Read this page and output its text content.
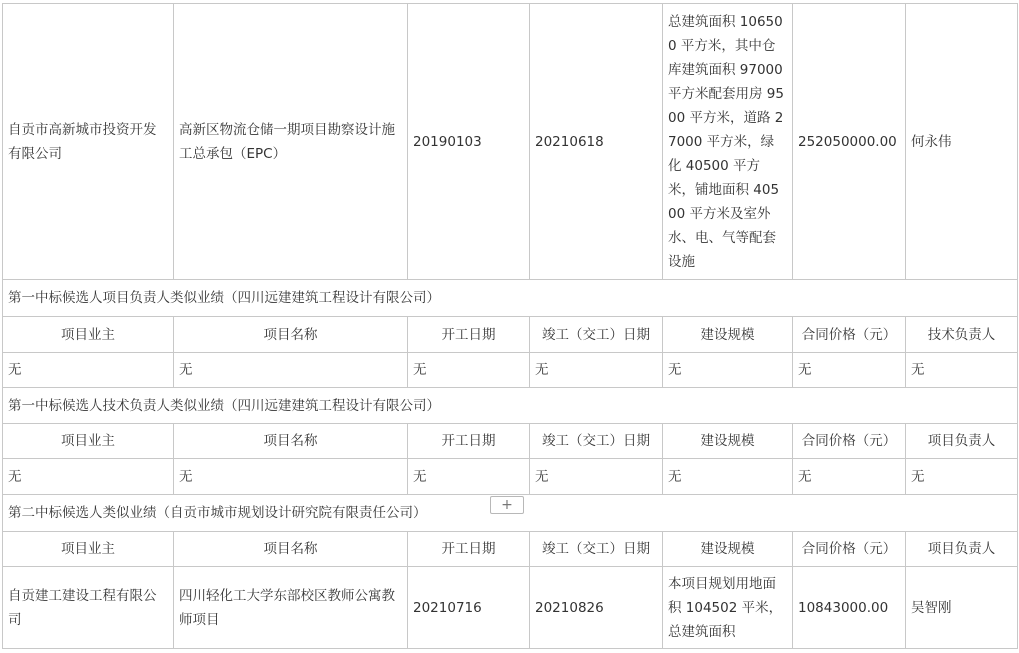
自贡市高新城市投资开发有限公司	高新区物流仓储一期项目勘察设计施工总承包（EPC）	20190103	20210618	总建筑面积 106500 平方米，其中仓库建筑面积 97000 平方米配套用房 9500 平方米，道路 27000 平方米，绿化 40500 平方米，铺地面积 40500 平方米及室外水、电、气等配套设施	252050000.00	何永伟
第一中标候选人项目负责人类似业绩（四川远建建筑工程设计有限公司）						
项目业主	项目名称	开工日期	竣工（交工）日期	建设规模	合同价格（元）	技术负责人
无	无	无	无	无	无	无
第一中标候选人技术负责人类似业绩（四川远建建筑工程设计有限公司）						
项目业主	项目名称	开工日期	竣工（交工）日期	建设规模	合同价格（元）	项目负责人
无	无	无	无	无	无	无
第二中标候选人类似业绩（自贡市城市规划设计研究院有限责任公司）						
项目业主	项目名称	开工日期	竣工（交工）日期	建设规模	合同价格（元）	项目负责人
自贡建工建设工程有限公司	四川轻化工大学东部校区教师公寓教师项目	20210716	20210826	本项目规划用地面积 104502 平米，总建筑面积	10843000.00	吴智刚
+
